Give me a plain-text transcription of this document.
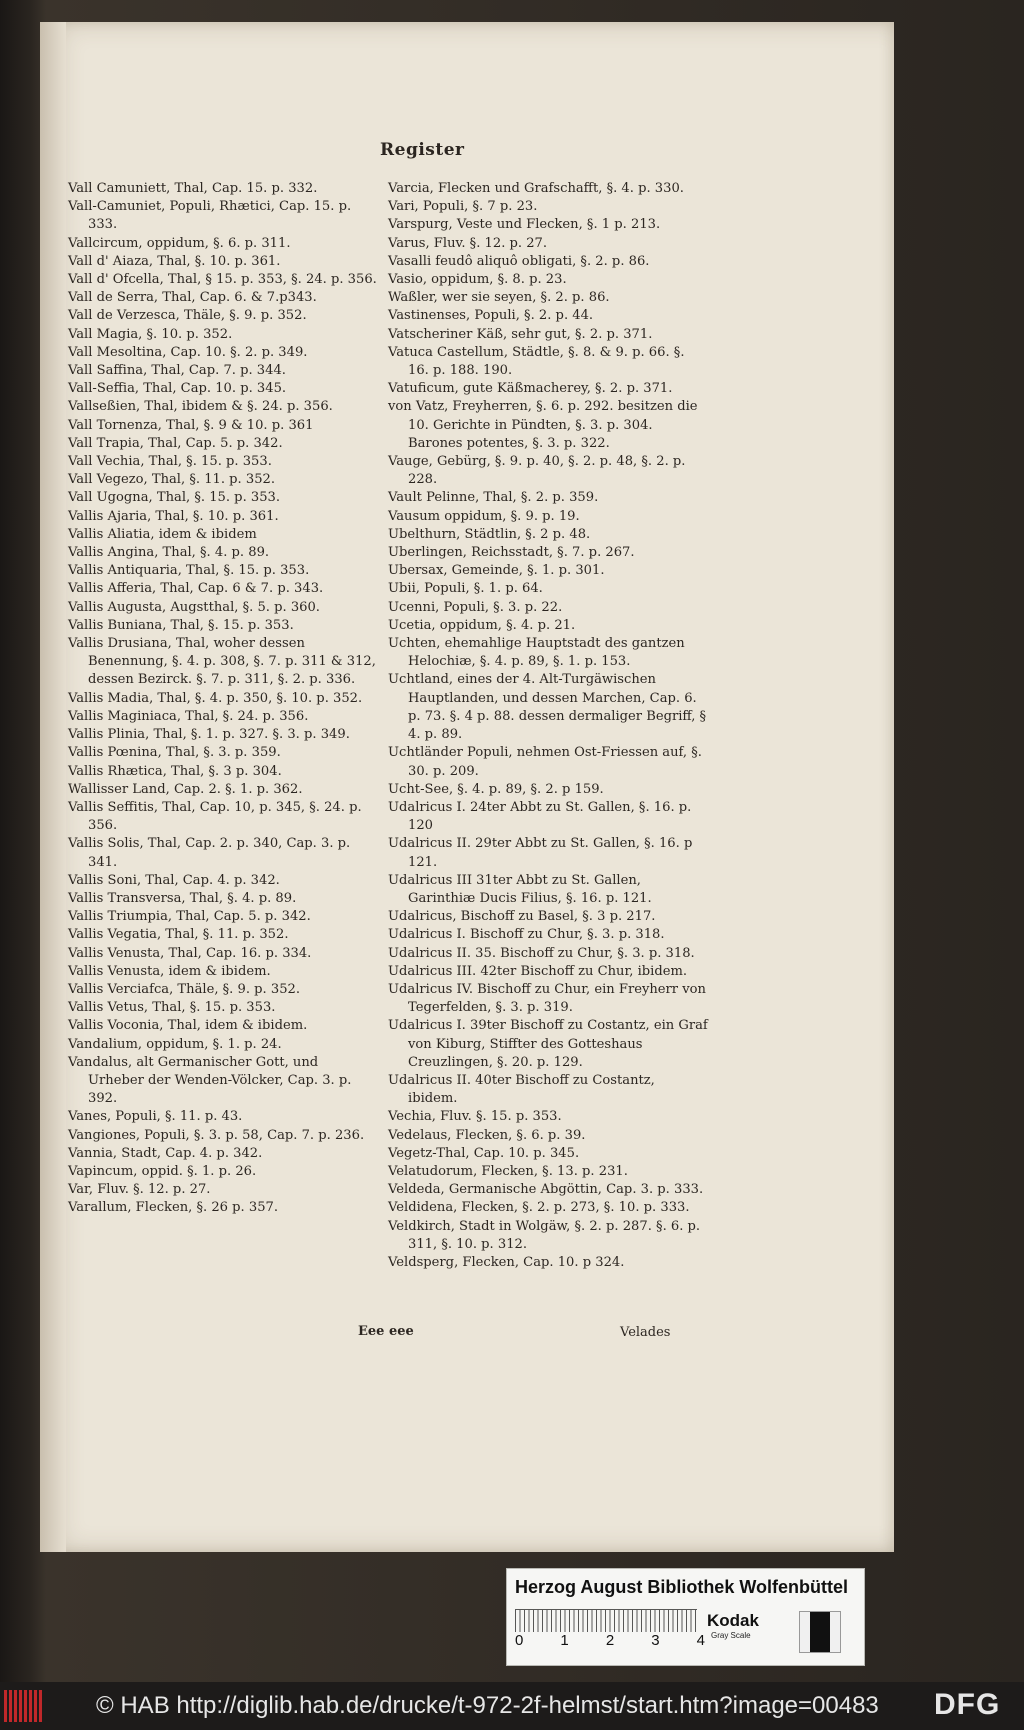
Register

Vall Camuniett, Thal, Cap. 15. p. 332.

Vall-Camuniet, Populi, Rhætici, Cap. 15. p. 333.

Vallcircum, oppidum, §. 6. p. 311.

Vall d' Aiaza, Thal, §. 10. p. 361.

Vall d' Ofcella, Thal, § 15. p. 353, §. 24. p. 356.

Vall de Serra, Thal, Cap. 6. & 7.p343.

Vall de Verzesca, Thäle, §. 9. p. 352.

Vall Magia, §. 10. p. 352.

Vall Mesoltina, Cap. 10. §. 2. p. 349.

Vall Saffina, Thal, Cap. 7. p. 344.

Vall-Seffia, Thal, Cap. 10. p. 345.

Vallseßien, Thal, ibidem & §. 24. p. 356.

Vall Tornenza, Thal, §. 9 & 10. p. 361

Vall Trapia, Thal, Cap. 5. p. 342.

Vall Vechia, Thal, §. 15. p. 353.

Vall Vegezo, Thal, §. 11. p. 352.

Vall Ugogna, Thal, §. 15. p. 353.

Vallis Ajaria, Thal, §. 10. p. 361.

Vallis Aliatia, idem & ibidem

Vallis Angina, Thal, §. 4. p. 89.

Vallis Antiquaria, Thal, §. 15. p. 353.

Vallis Afferia, Thal, Cap. 6 & 7. p. 343.

Vallis Augusta, Augstthal, §. 5. p. 360.

Vallis Buniana, Thal, §. 15. p. 353.

Vallis Drusiana, Thal, woher dessen Benennung, §. 4. p. 308, §. 7. p. 311 & 312, dessen Bezirck. §. 7. p. 311, §. 2. p. 336.

Vallis Madia, Thal, §. 4. p. 350, §. 10. p. 352.

Vallis Maginiaca, Thal, §. 24. p. 356.

Vallis Plinia, Thal, §. 1. p. 327. §. 3. p. 349.

Vallis Pœnina, Thal, §. 3. p. 359.

Vallis Rhætica, Thal, §. 3 p. 304.

Wallisser Land, Cap. 2. §. 1. p. 362.

Vallis Seffitis, Thal, Cap. 10, p. 345, §. 24. p. 356.

Vallis Solis, Thal, Cap. 2. p. 340, Cap. 3. p. 341.

Vallis Soni, Thal, Cap. 4. p. 342.

Vallis Transversa, Thal, §. 4. p. 89.

Vallis Triumpia, Thal, Cap. 5. p. 342.

Vallis Vegatia, Thal, §. 11. p. 352.

Vallis Venusta, Thal, Cap. 16. p. 334.

Vallis Venusta, idem & ibidem.

Vallis Verciafca, Thäle, §. 9. p. 352.

Vallis Vetus, Thal, §. 15. p. 353.

Vallis Voconia, Thal, idem & ibidem.

Vandalium, oppidum, §. 1. p. 24.

Vandalus, alt Germanischer Gott, und Urheber der Wenden-Völcker, Cap. 3. p. 392.

Vanes, Populi, §. 11. p. 43.

Vangiones, Populi, §. 3. p. 58, Cap. 7. p. 236.

Vannia, Stadt, Cap. 4. p. 342.

Vapincum, oppid. §. 1. p. 26.

Var, Fluv. §. 12. p. 27.

Varallum, Flecken, §. 26 p. 357.

Varcia, Flecken und Grafschafft, §. 4. p. 330.

Vari, Populi, §. 7 p. 23.

Varspurg, Veste und Flecken, §. 1 p. 213.

Varus, Fluv. §. 12. p. 27.

Vasalli feudô aliquô obligati, §. 2. p. 86.

Vasio, oppidum, §. 8. p. 23.

Waßler, wer sie seyen, §. 2. p. 86.

Vastinenses, Populi, §. 2. p. 44.

Vatscheriner Käß, sehr gut, §. 2. p. 371.

Vatuca Castellum, Städtle, §. 8. & 9. p. 66. §. 16. p. 188. 190.

Vatuficum, gute Käßmacherey, §. 2. p. 371.

von Vatz, Freyherren, §. 6. p. 292. besitzen die 10. Gerichte in Pündten, §. 3. p. 304. Barones potentes, §. 3. p. 322.

Vauge, Gebürg, §. 9. p. 40, §. 2. p. 48, §. 2. p. 228.

Vault Pelinne, Thal, §. 2. p. 359.

Vausum oppidum, §. 9. p. 19.

Ubelthurn, Städtlin, §. 2 p. 48.

Uberlingen, Reichsstadt, §. 7. p. 267.

Ubersax, Gemeinde, §. 1. p. 301.

Ubii, Populi, §. 1. p. 64.

Ucenni, Populi, §. 3. p. 22.

Ucetia, oppidum, §. 4. p. 21.

Uchten, ehemahlige Hauptstadt des gantzen Helochiæ, §. 4. p. 89, §. 1. p. 153.

Uchtland, eines der 4. Alt-Turgäwischen Hauptlanden, und dessen Marchen, Cap. 6. p. 73. §. 4 p. 88. dessen dermaliger Begriff, § 4. p. 89.

Uchtländer Populi, nehmen Ost-Friessen auf, §. 30. p. 209.

Ucht-See, §. 4. p. 89, §. 2. p 159.

Udalricus I. 24ter Abbt zu St. Gallen, §. 16. p. 120

Udalricus II. 29ter Abbt zu St. Gallen, §. 16. p 121.

Udalricus III 31ter Abbt zu St. Gallen, Garinthiæ Ducis Filius, §. 16. p. 121.

Udalricus, Bischoff zu Basel, §. 3 p. 217.

Udalricus I. Bischoff zu Chur, §. 3. p. 318.

Udalricus II. 35. Bischoff zu Chur, §. 3. p. 318.

Udalricus III. 42ter Bischoff zu Chur, ibidem.

Udalricus IV. Bischoff zu Chur, ein Freyherr von Tegerfelden, §. 3. p. 319.

Udalricus I. 39ter Bischoff zu Costantz, ein Graf von Kiburg, Stiffter des Gotteshaus Creuzlingen, §. 20. p. 129.

Udalricus II. 40ter Bischoff zu Costantz, ibidem.

Vechia, Fluv. §. 15. p. 353.

Vedelaus, Flecken, §. 6. p. 39.

Vegetz-Thal, Cap. 10. p. 345.

Velatudorum, Flecken, §. 13. p. 231.

Veldeda, Germanische Abgöttin, Cap. 3. p. 333.

Veldidena, Flecken, §. 2. p. 273, §. 10. p. 333.

Veldkirch, Stadt in Wolgäw, §. 2. p. 287. §. 6. p. 311, §. 10. p. 312.

Veldsperg, Flecken, Cap. 10. p 324.

Eee eee	Velades
Herzog August Bibliothek Wolfenbüttel
0 1 2 3 4
Kodak
Gray Scale
© HAB http://diglib.hab.de/drucke/t-972-2f-helmst/start.htm?image=00483 DFG
